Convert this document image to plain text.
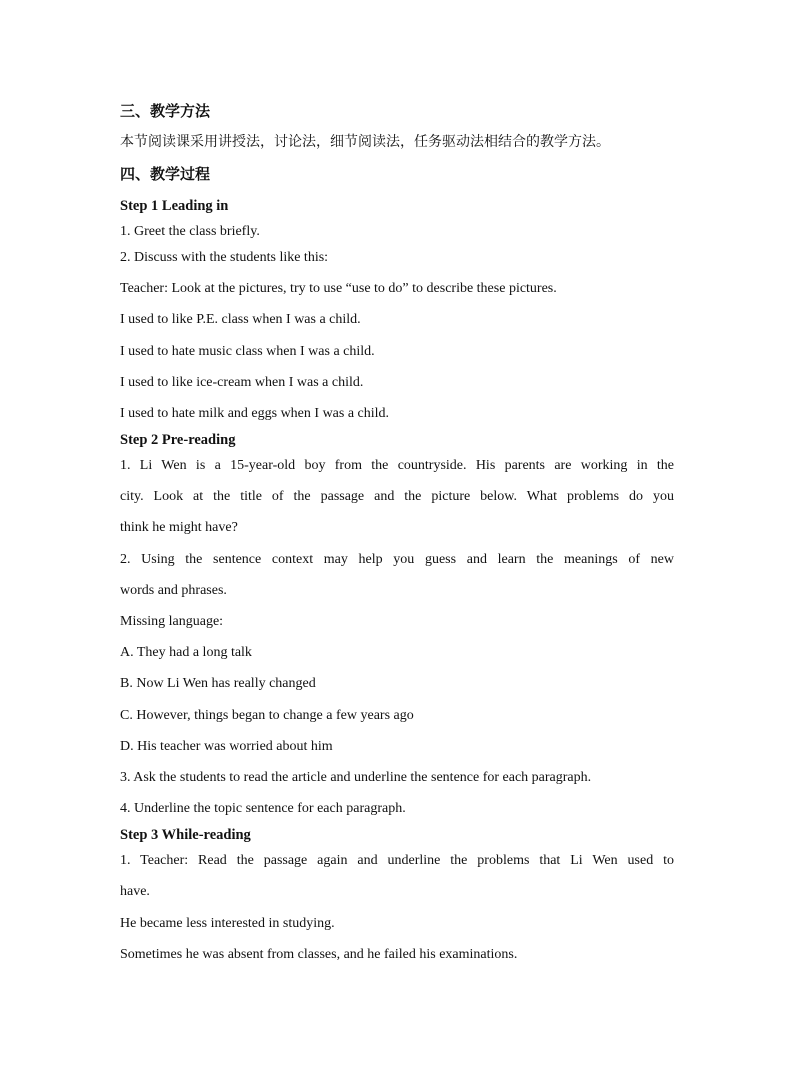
三、教学方法
本节阅读课采用讲授法，讨论法，细节阅读法，任务驱动法相结合的教学方法。
四、教学过程
Step 1 Leading in
1. Greet the class briefly.
2. Discuss with the students like this:
Teacher: Look at the pictures, try to use “use to do” to describe these pictures.
I used to like P.E. class when I was a child.
I used to hate music class when I was a child.
I used to like ice-cream when I was a child.
I used to hate milk and eggs when I was a child.
Step 2 Pre-reading
1. Li Wen is a 15-year-old boy from the countryside. His parents are working in the
city. Look at the title of the passage and the picture below. What problems do you
think he might have?
2. Using the sentence context may help you guess and learn the meanings of new
words and phrases.
Missing language:
A. They had a long talk
B. Now Li Wen has really changed
C. However, things began to change a few years ago
D. His teacher was worried about him
3. Ask the students to read the article and underline the sentence for each paragraph.
4. Underline the topic sentence for each paragraph.
Step 3 While-reading
1. Teacher: Read the passage again and underline the problems that Li Wen used to
have.
He became less interested in studying.
Sometimes he was absent from classes, and he failed his examinations.
